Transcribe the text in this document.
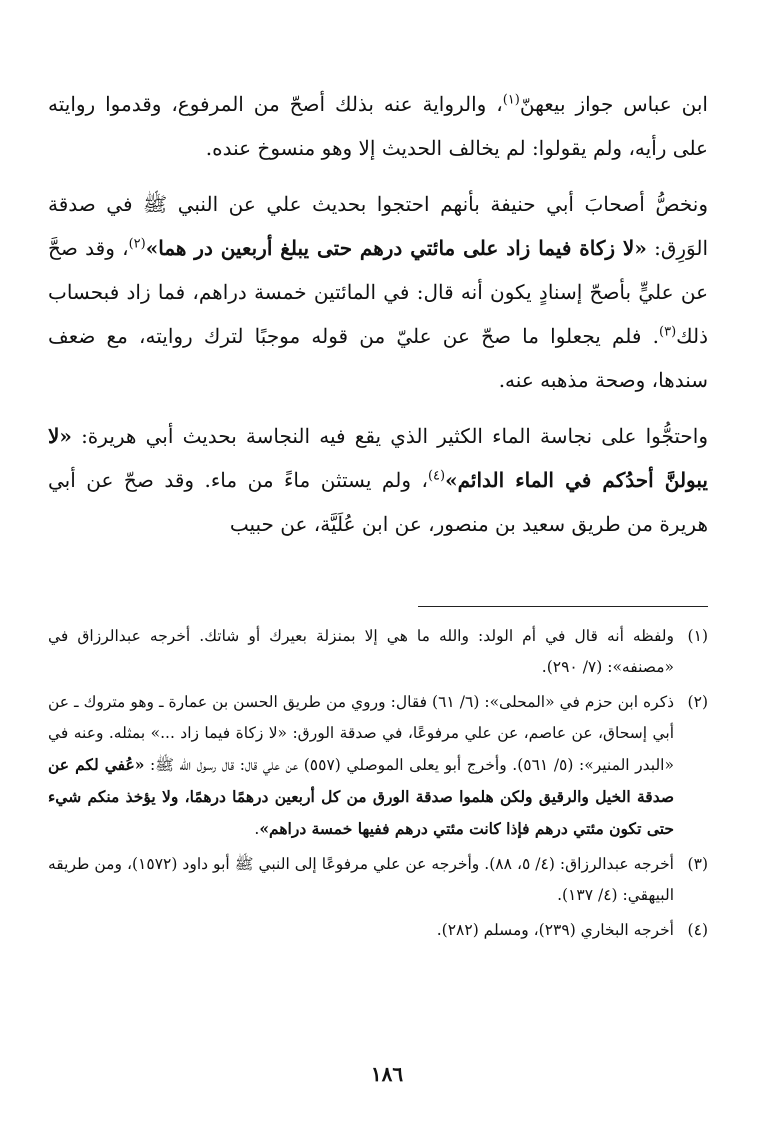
ابن عباس جواز بيعهنّ$^{(١)}$، والرواية عنه بذلك أصحّ من المرفوع، وقدموا روايته على رأيه، ولم يقولوا: لم يخالف الحديث إلا وهو منسوخ عنده.

ونخصُّ أصحابَ أبي حنيفة بأنهم احتجوا بحديث علي عن النبي ﷺ في صدقة الوَرِق: «لا زكاة فيما زاد على مائتي درهم حتى يبلغ أربعين در هما»$^{(٢)}$، وقد صحَّ عن عليٍّ بأصحّ إسنادٍ يكون أنه قال: في المائتين خمسة دراهم، فما زاد فبحساب ذلك$^{(٣)}$. فلم يجعلوا ما صحّ عن عليّ من قوله موجبًا لترك روايته، مع ضعف سندها، وصحة مذهبه عنه.

واحتجُّوا على نجاسة الماء الكثير الذي يقع فيه النجاسة بحديث أبي هريرة: «لا يبولنَّ أحدُكم في الماء الدائم»$^{(٤)}$، ولم يستثن ماءً من ماء. وقد صحّ عن أبي هريرة من طريق سعيد بن منصور، عن ابن عُلَيَّة، عن حبيب

(١)
ولفظه أنه قال في أم الولد: والله ما هي إلا بمنزلة بعيرك أو شاتك. أخرجه عبدالرزاق في «مصنفه»: (٧/ ٢٩٠).
(٢)
ذكره ابن حزم في «المحلى»: (٦/ ٦١) فقال: وروي من طريق الحسن بن عمارة ـ وهو متروك ـ عن أبي إسحاق، عن عاصم، عن علي مرفوعًا، في صدقة الورق: «لا زكاة فيما زاد ...» بمثله. وعنه في «البدر المنير»: (٥/ ٥٦١). وأخرج أبو يعلى الموصلي (٥٥٧) عن علي قال: قال رسول الله ﷺ: «عُفي لكم عن صدقة الخيل والرقيق ولكن هلموا صدقة الورق من كل أربعين درهمًا درهمًا، ولا يؤخذ منكم شيء حتى تكون مئتي درهم فإذا كانت مئتي درهم ففيها خمسة دراهم».
(٣)
أخرجه عبدالرزاق: (٤/ ٥، ٨٨). وأخرجه عن علي مرفوعًا إلى النبي ﷺ أبو داود (١٥٧٢)، ومن طريقه البيهقي: (٤/ ١٣٧).
(٤)
أخرجه البخاري (٢٣٩)، ومسلم (٢٨٢).
١٨٦
